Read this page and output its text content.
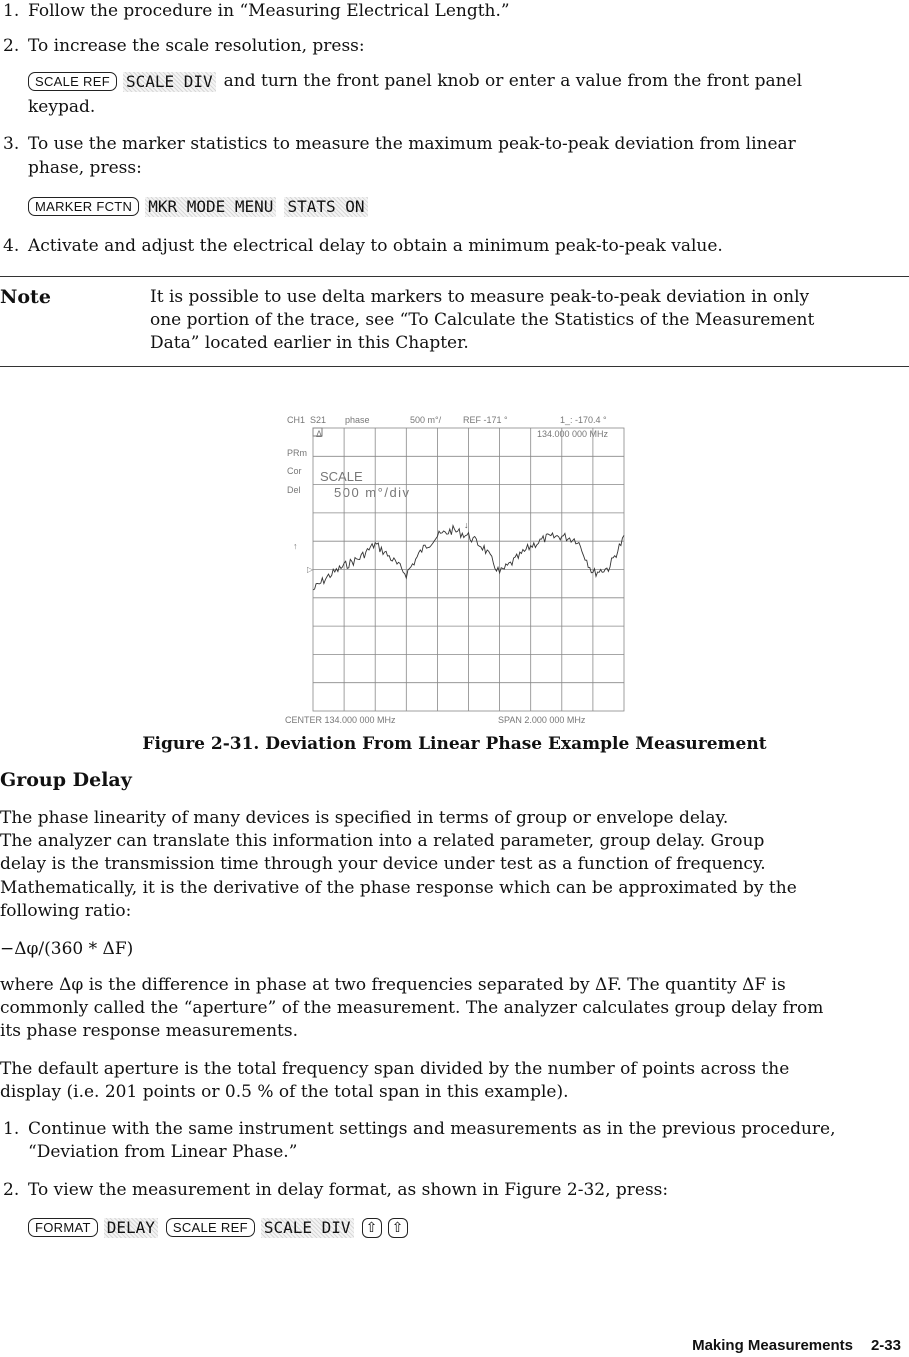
1. Follow the procedure in “Measuring Electrical Length.”
2. To increase the scale resolution, press:
SCALE REF SCALE DIV and turn the front panel knob or enter a value from the front panel
keypad.
3. To use the marker statistics to measure the maximum peak-to-peak deviation from linear
phase, press:
MARKER FCTN MKR MODE MENU STATS ON
4. Activate and adjust the electrical delay to obtain a minimum peak-to-peak value.
Note	It is possible to use delta markers to measure peak-to-peak deviation in only
one portion of the trace, see “To Calculate the Statistics of the Measurement
Data” located earlier in this Chapter.
CH1 S21 phase	500 m°/ REF -171 °	1_: -170.4 °
134.000 000 MHz
Δ
PRm
Cor
Del
SCALE
500 m°/div
CENTER 134.000 000 MHz	SPAN 2.000 000 MHz
↑
▷
↓
Figure 2-31. Deviation From Linear Phase Example Measurement
Group Delay
The phase linearity of many devices is specified in terms of group or envelope delay.
The analyzer can translate this information into a related parameter, group delay. Group
delay is the transmission time through your device under test as a function of frequency.
Mathematically, it is the derivative of the phase response which can be approximated by the
following ratio:
−Δφ/(360 * ΔF)
where Δφ is the difference in phase at two frequencies separated by ΔF. The quantity ΔF is
commonly called the “aperture” of the measurement. The analyzer calculates group delay from
its phase response measurements.
The default aperture is the total frequency span divided by the number of points across the
display (i.e. 201 points or 0.5 % of the total span in this example).
1. Continue with the same instrument settings and measurements as in the previous procedure,
“Deviation from Linear Phase.”
2. To view the measurement in delay format, as shown in Figure 2-32, press:
FORMAT DELAY SCALE REF SCALE DIV ⇧ ⇧
Making Measurements 2-33
